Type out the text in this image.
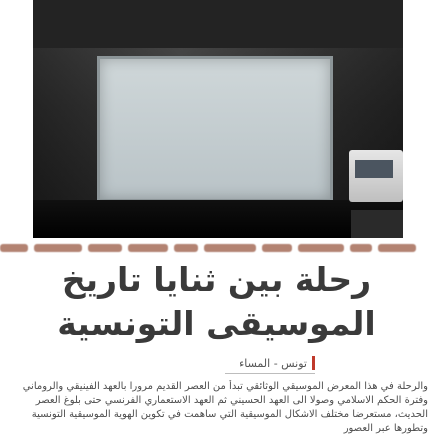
رحلة بين ثنايا تاريخ
الموسيقى التونسية
تونس - المساء

والرحلة في هذا المعرض الموسيقي الوثائقي تبدأ من العصر القديم مرورا بالعهد الفينيقي والروماني

وفترة الحكم الاسلامي وصولا الى العهد الحسيني ثم العهد الاستعماري الفرنسي حتى بلوغ العصر

الحديث، مستعرضا مختلف الاشكال الموسيقية التي ساهمت في تكوين الهوية الموسيقية التونسية

وتطورها عبر العصور
